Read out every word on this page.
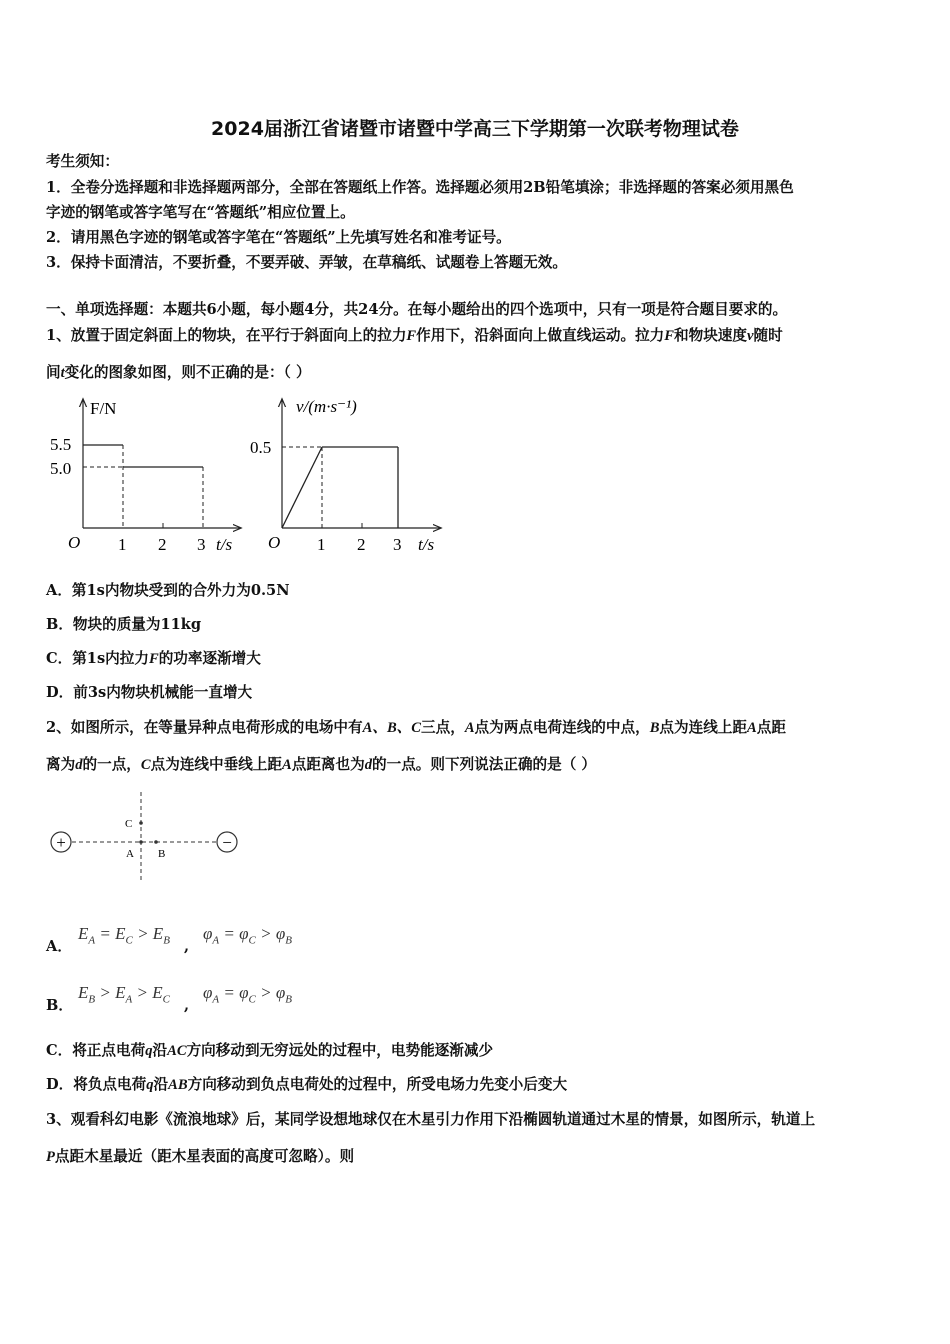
2024届浙江省诸暨市诸暨中学高三下学期第一次联考物理试卷
考生须知：
1．全卷分选择题和非选择题两部分，全部在答题纸上作答。选择题必须用2B铅笔填涂；非选择题的答案必须用黑色
字迹的钢笔或答字笔写在“答题纸”相应位置上。
2．请用黑色字迹的钢笔或答字笔在“答题纸”上先填写姓名和准考证号。
3．保持卡面清洁，不要折叠，不要弄破、弄皱，在草稿纸、试题卷上答题无效。
一、单项选择题：本题共6小题，每小题4分，共24分。在每小题给出的四个选项中，只有一项是符合题目要求的。
1、放置于固定斜面上的物块，在平行于斜面向上的拉力F作用下，沿斜面向上做直线运动。拉力F和物块速度v随时
间t变化的图象如图，则不正确的是：（ ）
F/N
5.5
5.0
O 1 2 3 t/s
v/(m·s⁻¹)
0.5
O 1 2 3 t/s
A．第1s内物块受到的合外力为0.5N
B．物块的质量为11kg
C．第1s内拉力F的功率逐渐增大
D．前3s内物块机械能一直增大
2、如图所示，在等量异种点电荷形成的电场中有A、B、C三点，A点为两点电荷连线的中点，B点为连线上距A点距
离为d的一点，C点为连线中垂线上距A点距离也为d的一点。则下列说法正确的是（ ）
+	−
C
A B
A．
$E_A = E_C > E_B$ ,
$\varphi_A = \varphi_C > \varphi_B$
B．
$E_B > E_A > E_C$ ,
$\varphi_A = \varphi_C > \varphi_B$
C．将正点电荷q沿AC方向移动到无穷远处的过程中，电势能逐渐减少
D．将负点电荷q沿AB方向移动到负点电荷处的过程中，所受电场力先变小后变大
3、观看科幻电影《流浪地球》后，某同学设想地球仅在木星引力作用下沿椭圆轨道通过木星的情景，如图所示，轨道上
P点距木星最近（距木星表面的高度可忽略）。则
